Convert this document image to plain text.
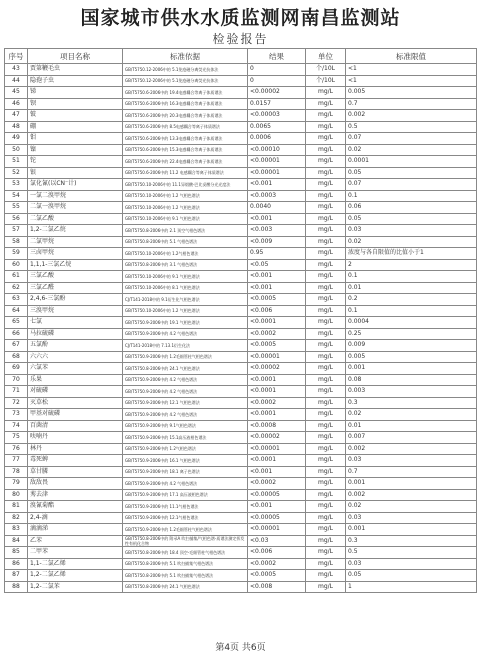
国家城市供水水质监测网南昌监测站
检验报告
序号	项目名称	标准依据	结果	单位	标准限值
43	贾第鞭毛虫	GB/T5750.12-2006中的 5.1免疫磁分离荧光抗体法	0	个/10L	<1
44	隐孢子虫	GB/T5750.12-2006中的 5.1免疫磁分离荧光抗体法	0	个/10L	<1
45	锑	GB/T5750.6-2006中的 19.4电感耦合等离子体质谱法	<0.00002	mg/L	0.005
46	钡	GB/T5750.6-2006中的 16.3电感耦合等离子体质谱法	0.0157	mg/L	0.7
47	铍	GB/T5750.6-2006中的 20.3电感耦合等离子体质谱法	<0.00003	mg/L	0.002
48	硼	GB/T5750.6-2006中的 8.5电感耦合等离子体质谱法	0.0065	mg/L	0.5
49	钼	GB/T5750.6-2006中的 13.3电感耦合等离子体质谱法	0.0006	mg/L	0.07
50	镍	GB/T5750.6-2006中的 15.3电感耦合等离子体质谱法	<0.00010	mg/L	0.02
51	铊	GB/T5750.6-2006中的 22.4电感耦合等离子体质谱法	<0.00001	mg/L	0.0001
52	银	GB/T5750.6-2006中的 11.2 电感耦合等离子体质谱法	<0.00001	mg/L	0.05
53	氯化氰(以CN⁻计)	GB/T5750.10-2006中的 11.1异烟酸-巴比妥酸分光光度法	<0.001	mg/L	0.07
54	一氯二溴甲烷	GB/T5750.10-2006中的 1.2 气相色谱法	<0.0003	mg/L	0.1
55	二氯一溴甲烷	GB/T5750.10-2006中的 1.2 气相色谱法	0.0040	mg/L	0.06
56	二氯乙酸	GB/T5750.10-2006中的 9.1 气相色谱法	<0.001	mg/L	0.05
57	1,2-二氯乙烷	GB/T5750.8-2006中的 2.1 顶空气相色谱法	<0.003	mg/L	0.03
58	二氯甲烷	GB/T5750.8-2006中的 5.1 气相色谱法	<0.009	mg/L	0.02
59	三卤甲烷	GB/T5750.10-2006中的 1.2气相色谱法	0.95	mg/L	浓度与各自限值的比值小于1
60	1,1,1-三氯乙烷	GB/T5750.8-2006中的 3.1 气相色谱法	<0.05	mg/L	2
61	三氯乙酸	GB/T5750.10-2006中的 9.1 气相色谱法	<0.001	mg/L	0.1
62	三氯乙醛	GB/T5750.10-2006中的 8.1 气相色谱法	<0.001	mg/L	0.01
63	2,4,6-三氯酚	CJ/T141-2018中的 9.1衍生化气相色谱法	<0.0005	mg/L	0.2
64	三溴甲烷	GB/T5750.10-2006中的 1.2 气相色谱法	<0.006	mg/L	0.1
65	七氯	GB/T5750.9-2006中的 19.1 气相色谱法	<0.0001	mg/L	0.0004
66	马拉硫磷	GB/T5750.9-2006中的 4.2 气相色谱法	<0.0002	mg/L	0.25
67	五氯酚	CJ/T141-2018中的 7.13.1衍生化法	<0.0005	mg/L	0.009
68	六六六	GB/T5750.9-2006中的 1.2毛细管柱气相色谱法	<0.00001	mg/L	0.005
69	六氯苯	GB/T5750.8-2006中的 24.1 气相色谱法	<0.00002	mg/L	0.001
70	乐果	GB/T5750.9-2006中的 4.2 气相色谱法	<0.0001	mg/L	0.08
71	对硫磷	GB/T5750.9-2006中的 4.2 气相色谱法	<0.0001	mg/L	0.003
72	灭草松	GB/T5750.9-2006中的 12.1 气相色谱法	<0.0002	mg/L	0.3
73	甲基对硫磷	GB/T5750.9-2006中的 4.2 气相色谱法	<0.0001	mg/L	0.02
74	百菌清	GB/T5750.9-2006中的 9.1气相色谱法	<0.0008	mg/L	0.01
75	呋喃丹	GB/T5750.9-2006中的 15.1高压液相色谱法	<0.00002	mg/L	0.007
76	林丹	GB/T5750.9-2006中的 1.2气相色谱法	<0.00001	mg/L	0.002
77	毒死蜱	GB/T5750.9-2006中的 16.1 气相色谱法	<0.0001	mg/L	0.03
78	草甘膦	GB/T5750.9-2006中的 18.1 离子色谱法	<0.001	mg/L	0.7
79	敌敌畏	GB/T5750.9-2006中的 4.2 气相色谱法	<0.0002	mg/L	0.001
80	莠去津	GB/T5750.9-2006中的 17.1 高压液相色谱法	<0.00005	mg/L	0.002
81	溴氰菊酯	GB/T5750.9-2006中的 11.1气相色谱法	<0.001	mg/L	0.02
82	2,4-滴	GB/T5750.9-2006中的 12.1气相色谱法	<0.00005	mg/L	0.03
83	滴滴涕	GB/T5750.9-2006中的 1.2毛细管柱气相色谱法	<0.00001	mg/L	0.001
84	乙苯	GB/T5750.8-2006中的 附录A 吹扫捕集/气相色谱-质谱法测定挥发性有机化合物	<0.03	mg/L	0.3
85	二甲苯	GB/T5750.8-2006中的 18.4 顶空-毛细管柱气相色谱法	<0.006	mg/L	0.5
86	1,1-二氯乙烯	GB/T5750.8-2006中的 5.1 吹扫捕集气相色谱法	<0.0002	mg/L	0.03
87	1,2-二氯乙烯	GB/T5750.8-2006中的 5.1 吹扫捕集气相色谱法	<0.0005	mg/L	0.05
88	1,2-二氯苯	GB/T5750.8-2006中的 24.1 气相色谱法	<0.008	mg/L	1
第4页 共6页
